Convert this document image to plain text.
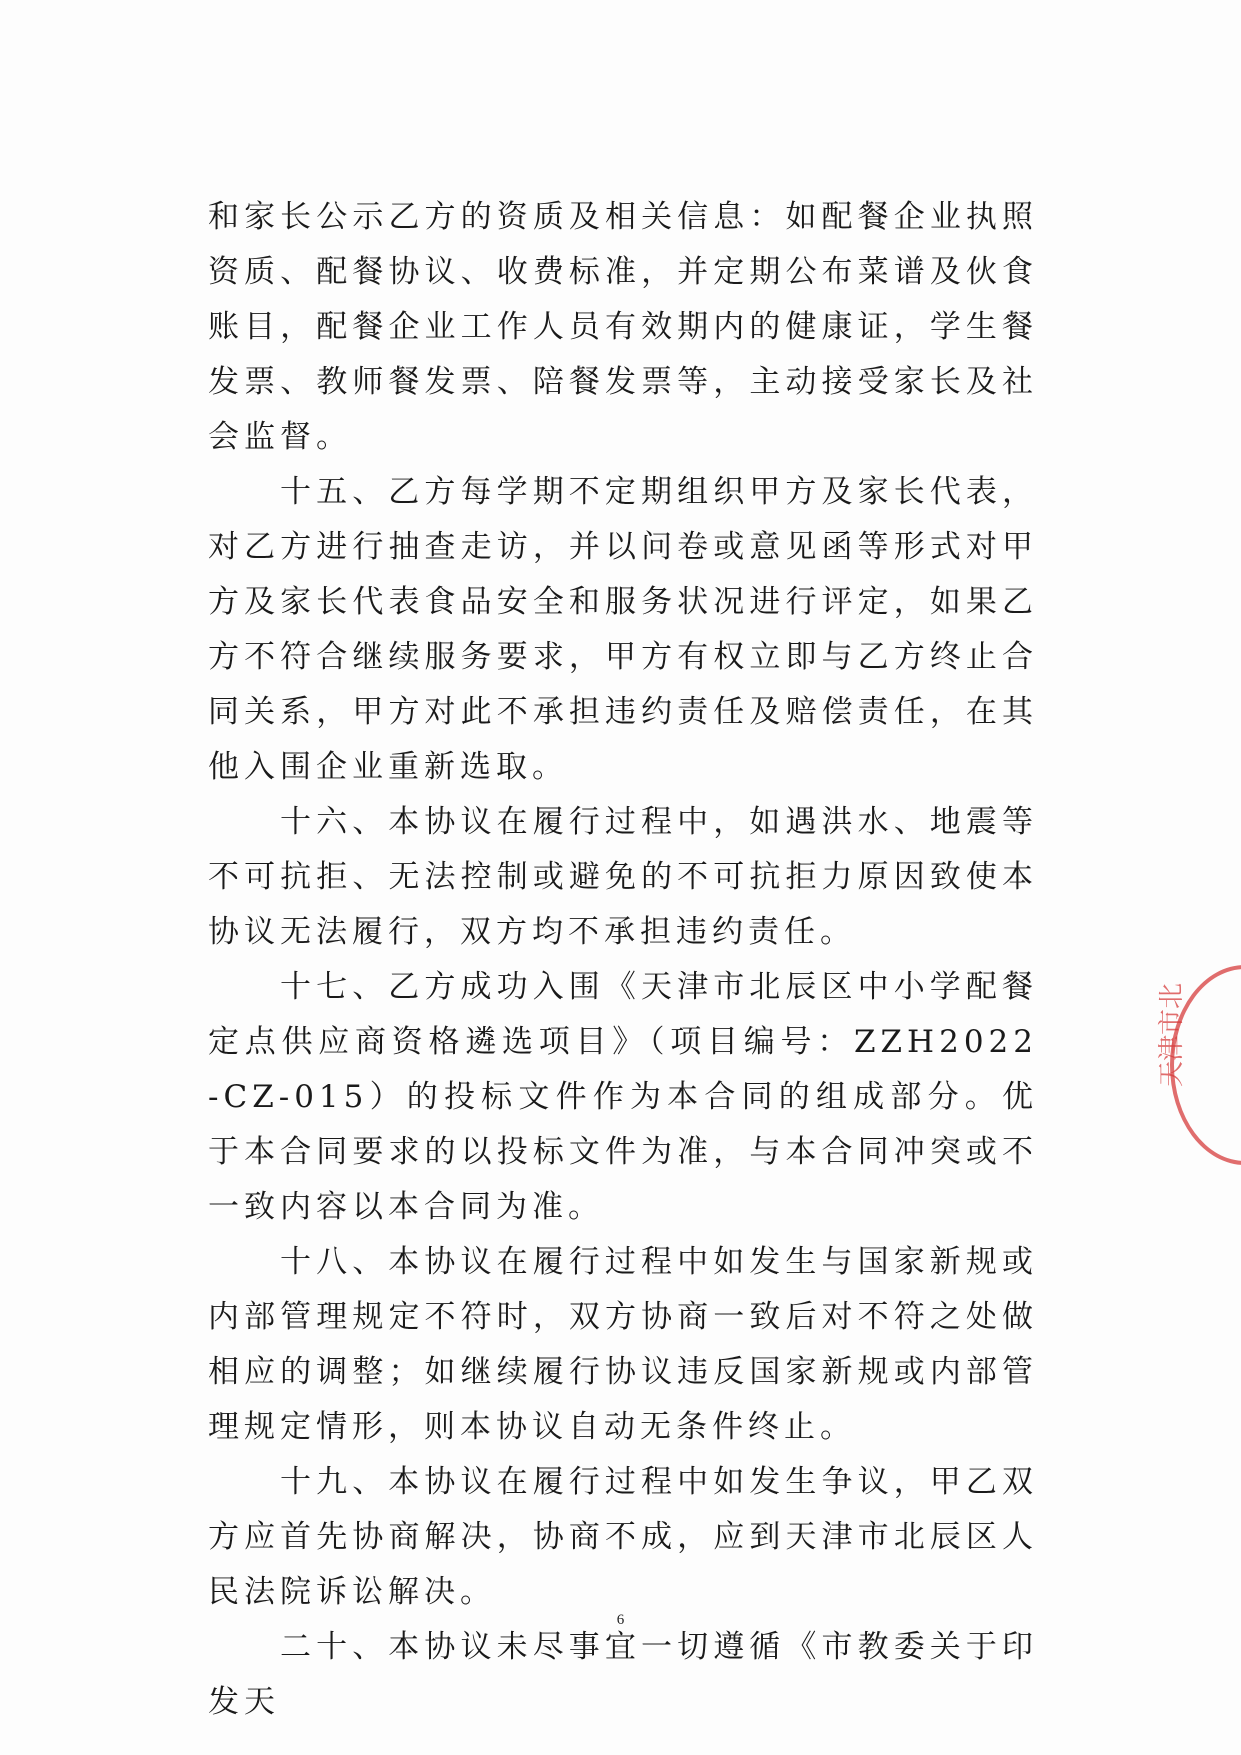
和家长公示乙方的资质及相关信息：如配餐企业执照资质、配餐协议、收费标准，并定期公布菜谱及伙食账目，配餐企业工作人员有效期内的健康证，学生餐发票、教师餐发票、陪餐发票等，主动接受家长及社会监督。

十五、乙方每学期不定期组织甲方及家长代表，对乙方进行抽查走访，并以问卷或意见函等形式对甲方及家长代表食品安全和服务状况进行评定，如果乙方不符合继续服务要求，甲方有权立即与乙方终止合同关系，甲方对此不承担违约责任及赔偿责任，在其他入围企业重新选取。

十六、本协议在履行过程中，如遇洪水、地震等不可抗拒、无法控制或避免的不可抗拒力原因致使本协议无法履行，双方均不承担违约责任。

十七、乙方成功入围《天津市北辰区中小学配餐定点供应商资格遴选项目》（项目编号：ZZH2022-CZ-015）的投标文件作为本合同的组成部分。优于本合同要求的以投标文件为准，与本合同冲突或不一致内容以本合同为准。

十八、本协议在履行过程中如发生与国家新规或内部管理规定不符时，双方协商一致后对不符之处做相应的调整；如继续履行协议违反国家新规或内部管理规定情形，则本协议自动无条件终止。

十九、本协议在履行过程中如发生争议，甲乙双方应首先协商解决，协商不成，应到天津市北辰区人民法院诉讼解决。

二十、本协议未尽事宜一切遵循《市教委关于印发天

天津市北
6
